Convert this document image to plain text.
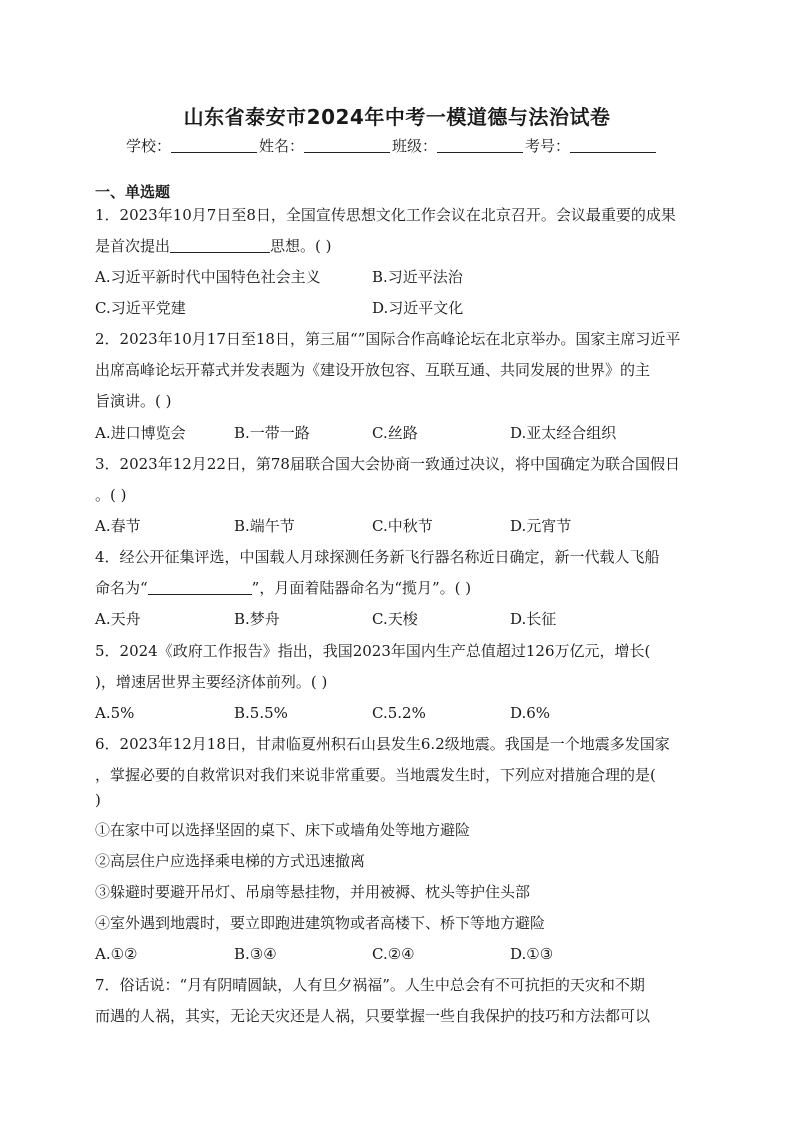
山东省泰安市2024年中考一模道德与法治试卷
学校：	姓名：	班级：	考号：
一、单选题
1．2023年10月7日至8日，全国宣传思想文化工作会议在北京召开。会议最重要的成果
是首次提出	思想。( )
A.习近平新时代中国特色社会主义	B.习近平法治
C.习近平党建	D.习近平文化
2．2023年10月17日至18日，第三届“”国际合作高峰论坛在北京举办。国家主席习近平
出席高峰论坛开幕式并发表题为《建设开放包容、互联互通、共同发展的世界》的主
旨演讲。( )
A.进口博览会	B.一带一路	C.丝路	D.亚太经合组织
3．2023年12月22日，第78届联合国大会协商一致通过决议，将中国确定为联合国假日
。( )
A.春节	B.端午节	C.中秋节	D.元宵节
4．经公开征集评选，中国载人月球探测任务新飞行器名称近日确定，新一代载人飞船
命名为“	”，月面着陆器命名为“揽月”。( )
A.天舟	B.梦舟	C.天梭	D.长征
5．2024《政府工作报告》指出，我国2023年国内生产总值超过126万亿元，增长(
)，增速居世界主要经济体前列。( )
A.5%	B.5.5%	C.5.2%	D.6%
6．2023年12月18日，甘肃临夏州积石山县发生6.2级地震。我国是一个地震多发国家
，掌握必要的自救常识对我们来说非常重要。当地震发生时，下列应对措施合理的是(
)
①在家中可以选择坚固的桌下、床下或墙角处等地方避险
②高层住户应选择乘电梯的方式迅速撤离
③躲避时要避开吊灯、吊扇等悬挂物，并用被褥、枕头等护住头部
④室外遇到地震时，要立即跑进建筑物或者高楼下、桥下等地方避险
A.①②	B.③④	C.②④	D.①③
7．俗话说：“月有阴晴圆缺，人有旦夕祸福”。人生中总会有不可抗拒的天灾和不期
而遇的人祸，其实，无论天灾还是人祸，只要掌握一些自我保护的技巧和方法都可以
